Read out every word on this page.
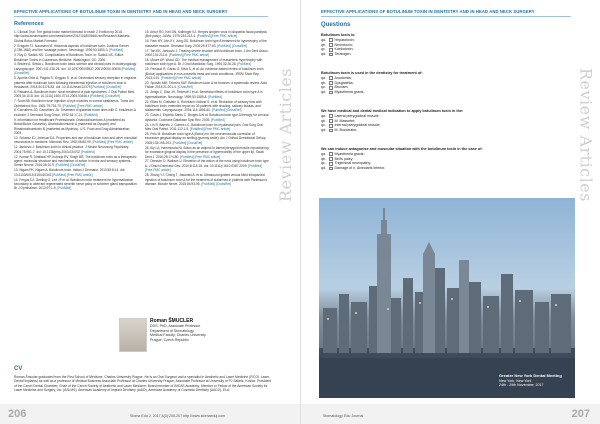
EFFECTIVE APPLICATIONS OF BOTULINUM TOXIN IN DENTISTRY AND IN HEAD AND NECK SURGERY
Review Articles
References
1. Clinical Trial: The global botox market forecast to reach 2.9 billion by 2018. http://www.businesswire.com/news/home/20121018006461/en/Research-Markets-Global-Botox-Market-Forecast
2. Erbguth FJ. Naumann M. Historical aspects of botulinum toxin: Justinus Kerner (1786-1862) and the 'sausage poison'. Neurology. 1999;53:1850-3. [PubMed]
3. Roy D, Sadick NS. Complications of Botulinum Toxin. In: Sadick NS, Editor. Botulinum Toxins in Cutaneous Medicine. Washington, DC: 2006.
4. Bhidee A, Selwa L. Botulinum toxin basic science and clinical uses in otolaryngology. Laryngoscope. 2001;111:218-26. doi: 10.1097/00005537-200102000-00006 [PubMed] [CrossRef]
5. Aponte-Ortiz A, Pagola S, Yingyan S. et al. Decreased sensory reception in migraine patients after botulinum toxin following intradermal injection of botulinum toxin A. Headache. 2014;54:1178-83. doi: 10.1111/head.12375 [PubMed] [CrossRef]
6. Pakalnis A. Botulinum toxin: novel treatment of pain syndromes. J Oral Pathol Med. 2005;34:10-8. doi: 10.1111/j.1600-0714.2005.00346.x [PubMed] [CrossRef]
7. Scott AB. Botulinum toxin injection of eye muscles to correct strabismus. Trans Am Ophthalmol Soc. 1981;79:734-70. [PubMed] [Free PMC article]
8. Carruthers JD, Carruthers JA. Treatment of glabellar frown lines with C. botulinum-A exotoxin. J Dermatol Surg Oncol. 1992;18:17-21. [PubMed]
9. Information for Healthcare Professionals: Onabotulinumtoxin A (marketed as Botox/Botox Cosmetic), Abobotulinumtoxin A (marketed as Dysport) and Rimabotulinumtoxin B (marketed as Myobloc). U.S. Food and Drug Administration; 2009.
10. Schantz EJ, Johnson EA. Properties and use of botulinum toxin and other microbial neurotoxins in medicine. Microbiol Rev. 1992;56:80-99. [PubMed] [Free PMC article]
11. Jankovic J. Botulinum toxin in clinical practice. J Neurol Neurosurg Psychiatry. 2004;75:951-7. doi: 10.1136/jnnp.2003.034702 [PubMed]
12. Kumar R, Dhaliwal HP, Kukreja RV, Singh BR. The botulinum toxin as a therapeutic agent: molecular structure and mechanism of action in motor and sensory systems. Semin Neurol. 2016;36:10-9. [PubMed] [CrossRef]
13. Nigam PK, Nigam A. Botulinum toxin. Indian J Dermatol. 2010;55:8-14. doi: 10.4103/0019-5154.60343 [PubMed] [Free PMC article]
14. Fergus DJ, Geeling G, Lee JF et al. Botulinum toxin treatment for hypersalivation secondary to aberrant regenerated seventh nerve palsy or schirmer gland transposition. Br J Ophthalmol. 2013;97:1-5. [PubMed]
15. Arbor RG, Keil DN, Kalbinger SJ. Herpes simplex virus in idiopathic facial paralysis (Bell palsy). JAMA. 1975;234:213-4. [PubMed] [Free PMC article]
16. Park MY, Ahn KY, Jung DS. Botulinum toxin type A treatment for hypertrophy of the masseter muscle. Dermatol Surg. 2003;29:477-83. [PubMed] [CrossRef]
17. Tan EK, Jankovic J. Treating severe bruxism with botulinum toxin. J Am Dent Assoc. 2000;131:211-6. [PubMed] [Free PMC article]
18. Moore AP, Wood GD. The medical management of masseteric hypertrophy with botulinum toxin type A. Br J Oral Maxillofac Surg. 1994;32:26-28. [PubMed]
19. Persaud R, Garas G, Silva S, et al. An evidence-based review of botulinum toxin (Botox) applications in non-cosmetic head and neck conditions. JRSM Short Rep. 2013;4:10. [PubMed] [Free PMC article]
20. Sposito MM, Teixeira SAF. Botulinum toxin A for bruxism: a systematic review. Acta Fisiatr. 2014;21:201-4. [CrossRef]
21. Zeligs C, Diaz JH, Federoff J et al. Beneficial effects of botulinum toxin type A in hypersalivation. Neurology. 1999;53:1585-8. [PubMed]
22. Ellies M, Gottstein U, Rohrbach-Volland S, et al. Reduction of salivary flow with botulinum toxin: extended report on 33 patients with drooling, salivary fistulas, and sialadenitis. Laryngoscope. 2004;114:1856-60. [PubMed] [CrossRef]
23. Costa J, Espirito-Santo C, Borges A et al. Botulinum toxin type A therapy for cervical dystonia. Cochrane Database Syst Rev. 2005. [PubMed]
24. Lin R, Barreto J, Gomes LC. Botulinum toxin for myofascial pain. Oral Surg Oral Med Oral Pathol. 2011;112:1-5. [PubMed] [Free PMC article]
25. Polo M. Botulinum toxin type A (Botox) for the neuromuscular correction of excessive gingival display on smiling (gummy smile). Am J Orthod Dentofacial Orthop. 2008;133:195-203. [PubMed] [CrossRef]
26. Aly LA, Hammouda NI. Botox as an adjunct to lateral pterygoid muscle repositioning for excessive gingival display in the presence of hypermobility of the upper lip. Saudi Dent J. 2016;28:174-80. [PubMed] [Free PMC article]
27. Dressler D, Wallace U. Elevation of the action of the neck using botulinum toxin type A. J Dtsch Dermatol Ges. 2010;8:115-18. doi: 10.1111/j.1610-0387.2009. [PubMed] [Free PMC article]
28. Zhang YJ, Cheng T, Jaworski A. et al. Ultrasound guided versus blind intraparotid injection of botulinum toxin A for the treatment of sialorrhea in patients with Parkinson's disease. Muscle Nerve. 2016;54:93-95. [PubMed] [CrossRef]
Roman ŠMUCLER
DDS, PhD, Associate Professor
Department of Stomatology
Medical Faculty, Charles University
Prague, Czech Republic
CV
Roman Šmucler graduated from the First School of Medicine, Charles University Prague. He is an Oral Surgeon and a specialist in Aesthetic and Laser Medicine (FICOI, Laser, Dental Implants) as well as a professor of Medical Business Associate Professor at Charles University Prague; Associate Professor at University of PJ Safarik, Košice. President of the Czech Dental Chamber; Chair of the Czech Society of Aesthetic and Laser Medicine; Board member of IMCAS Academy; Member or Fellow of the American Society for Laser Medicine and Surgery, Inc. (ASLMS), American Academy of Implant Dentistry (AAID), American Academy of Cosmetic Dentistry (AACD), ELA.
206	Stoma Edu J. 2017;4(3):200-207 http://www.stomaeduj.com
EFFECTIVE APPLICATIONS OF BOTULINUM TOXIN IN DENTISTRY AND IN HEAD AND NECK SURGERY
Review Articles
Questions
Botulinum toxin is:
qa. Hepatotoxin;
qb. Neurotoxin;
qc. Kardiotoxin;
qd. Teratogen.
Botulinum toxin is used in the dentistry for treatment of:
qa. Anodontia;
qb. Dysgnathia;
qc. Bruxism;
qd. Myasthenia gravis.
We have medical and dental medical indication to apply botulinum toxin in the:
qa. Lateral pterygoideal muscle;
qb. M. Masseter;
qc. Internal pterygoideal muscle;
qd. M. Buccinator.
We can induce antagonise and muscular situation with the botulinum toxin in the case of:
qa. Myasthenia gravis;
qb. Bell's palsy;
qc. Trigeminal neuropathy;
qd. Damage of n. Alveolaris inferior.
Greater New York Dental Meeting
New York, New York
24th - 29th November, 2017
Stomatology Edu Journal	207
